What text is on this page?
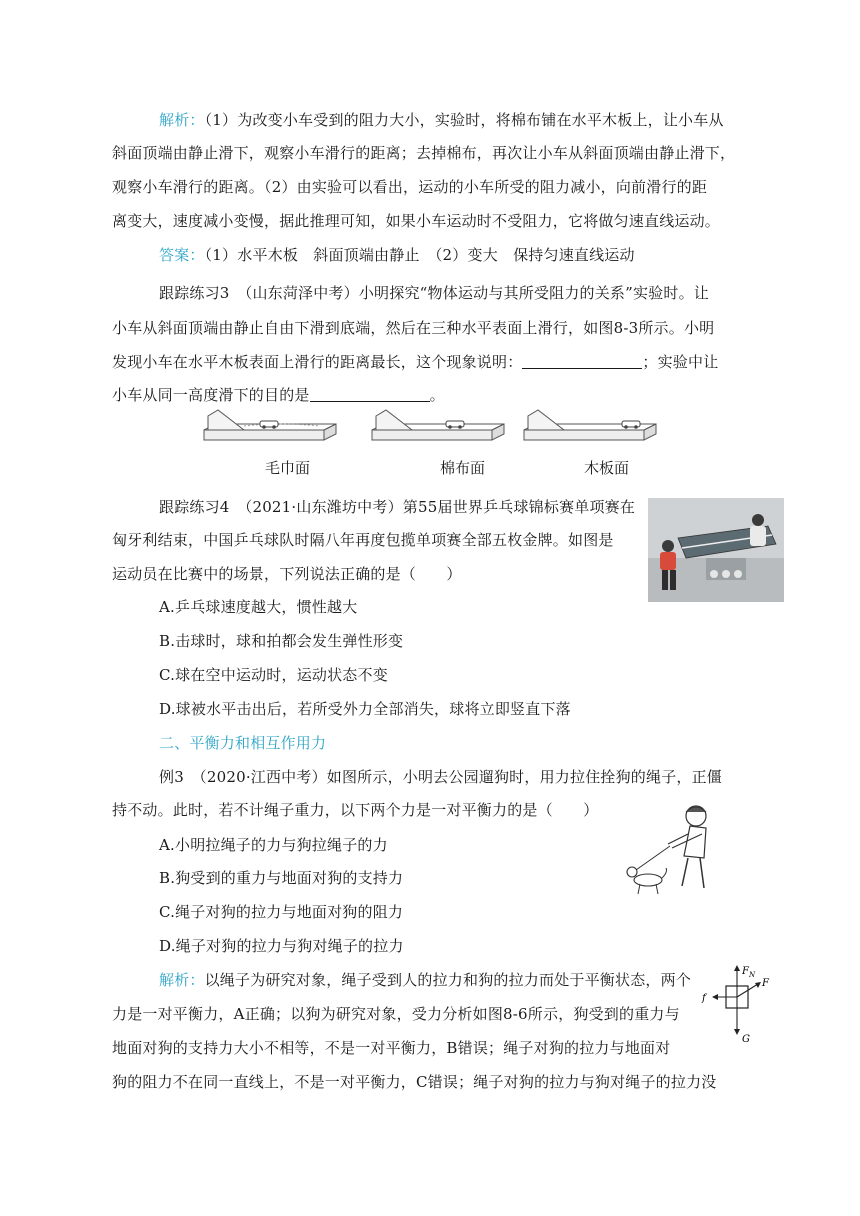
解析：（1）为改变小车受到的阻力大小，实验时，将棉布铺在水平木板上，让小车从
斜面顶端由静止滑下，观察小车滑行的距离；去掉棉布，再次让小车从斜面顶端由静止滑下，
观察小车滑行的距离。（2）由实验可以看出，运动的小车所受的阻力减小，向前滑行的距
离变大，速度减小变慢，据此推理可知，如果小车运动时不受阻力，它将做匀速直线运动。
答案：（1）水平木板　斜面顶端由静止　（2）变大　保持匀速直线运动
跟踪练习3　（山东菏泽中考）小明探究“物体运动与其所受阻力的关系”实验时。让
小车从斜面顶端由静止自由下滑到底端，然后在三种水平表面上滑行，如图8-3所示。小明
发现小车在水平木板表面上滑行的距离最长，这个现象说明：	；实验中让
小车从同一高度滑下的目的是	。
毛巾面	棉布面	木板面
跟踪练习4　（2021·山东潍坊中考）第55届世界乒乓球锦标赛单项赛在
匈牙利结束，中国乒乓球队时隔八年再度包揽单项赛全部五枚金牌。如图是
运动员在比赛中的场景，下列说法正确的是（　　）
A.乒乓球速度越大，惯性越大
B.击球时，球和拍都会发生弹性形变
C.球在空中运动时，运动状态不变
D.球被水平击出后，若所受外力全部消失，球将立即竖直下落
二、平衡力和相互作用力
例3　（2020·江西中考）如图所示，小明去公园遛狗时，用力拉住拴狗的绳子，正僵
持不动。此时，若不计绳子重力，以下两个力是一对平衡力的是（　　）
A.小明拉绳子的力与狗拉绳子的力
B.狗受到的重力与地面对狗的支持力
C.绳子对狗的拉力与地面对狗的阻力
D.绳子对狗的拉力与狗对绳子的拉力
解析：以绳子为研究对象，绳子受到人的拉力和狗的拉力而处于平衡状态，两个
力是一对平衡力，A正确；以狗为研究对象，受力分析如图8-6所示，狗受到的重力与
地面对狗的支持力大小不相等，不是一对平衡力，B错误；绳子对狗的拉力与地面对
狗的阻力不在同一直线上，不是一对平衡力，C错误；绳子对狗的拉力与狗对绳子的拉力没
$F_N$
F
f
G
